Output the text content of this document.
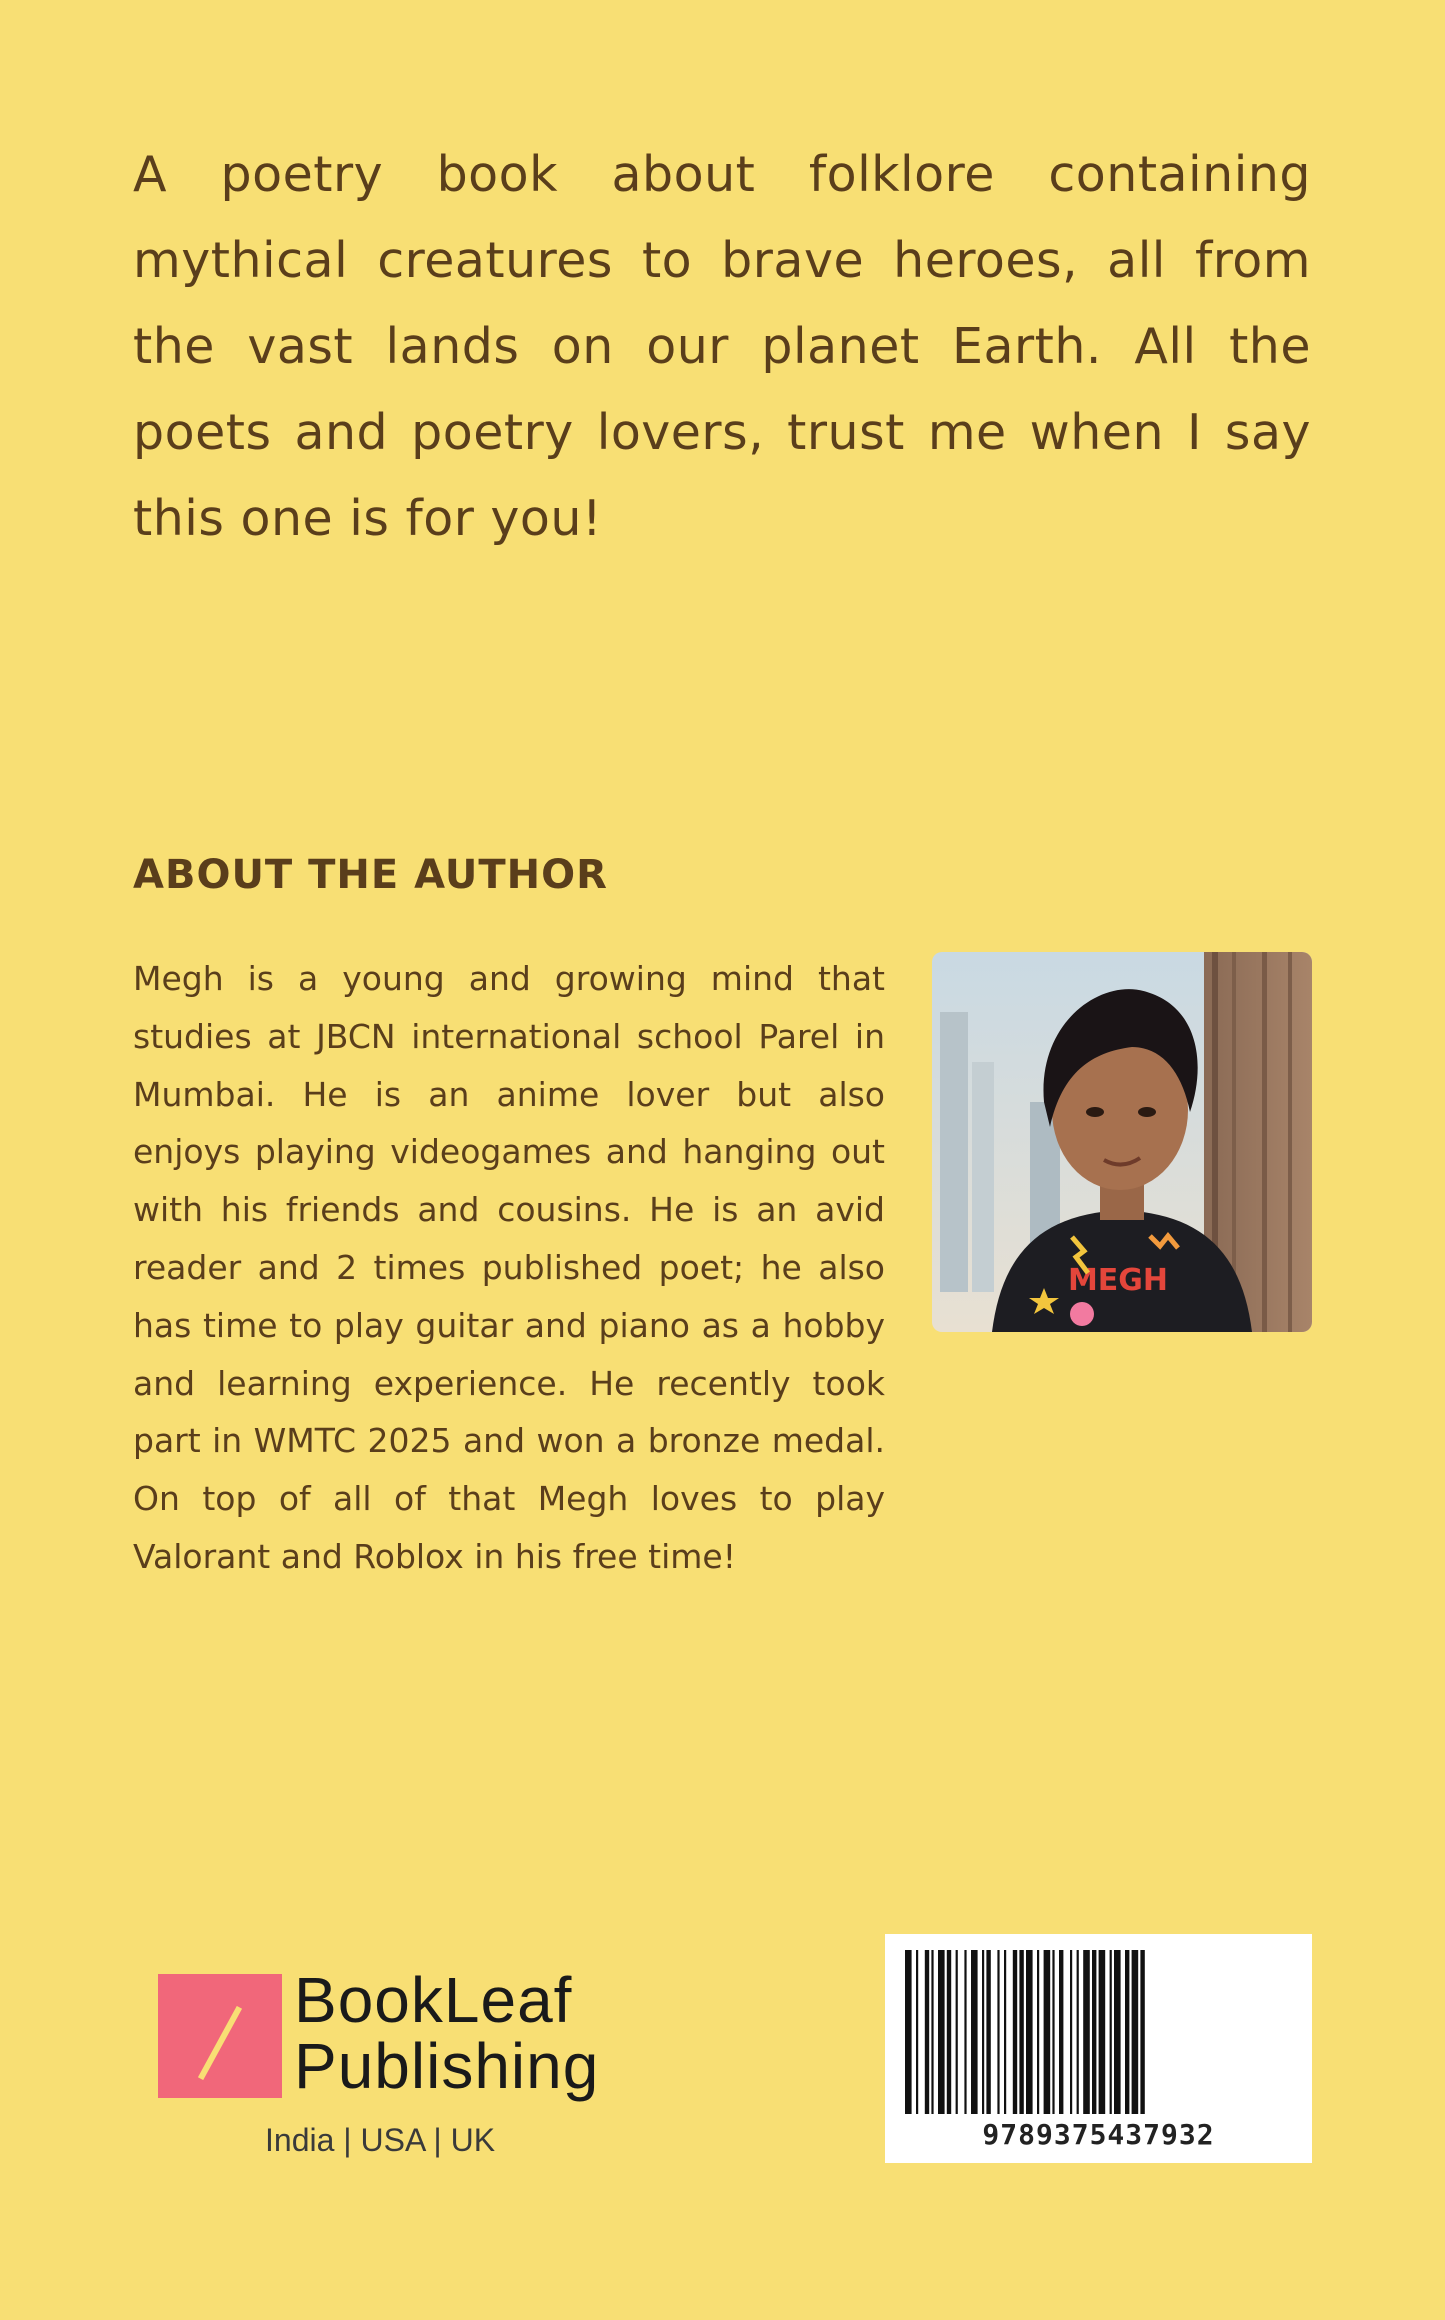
A poetry book about folklore containing mythical creatures to brave heroes, all from the vast lands on our planet Earth. All the poets and poetry lovers, trust me when I say this one is for you!

ABOUT THE AUTHOR

Megh is a young and growing mind that studies at JBCN international school Parel in Mumbai. He is an anime lover but also enjoys playing videogames and hanging out with his friends and cousins. He is an avid reader and 2 times published poet; he also has time to play guitar and piano as a hobby and learning experience. He recently took part in WMTC 2025 and won a bronze medal. On top of all of that Megh loves to play Valorant and Roblox in his free time!

MEGH
BookLeaf
Publishing
India | USA | UK	9789375437932
